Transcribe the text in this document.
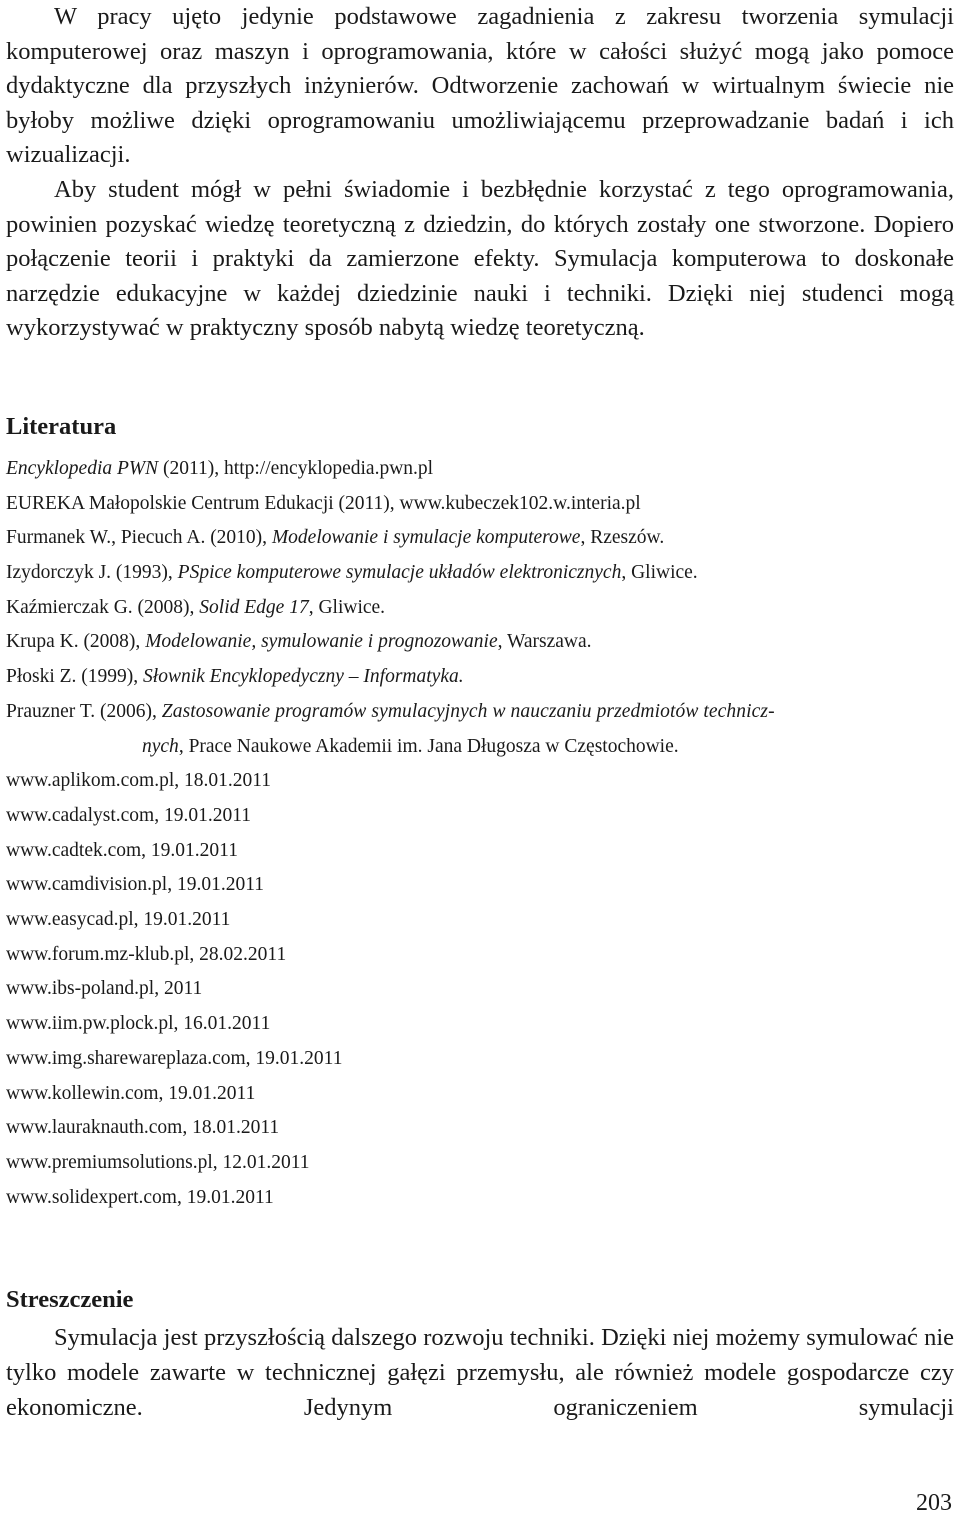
W pracy ujęto jedynie podstawowe zagadnienia z zakresu tworzenia symulacji komputerowej oraz maszyn i oprogramowania, które w całości służyć mogą jako pomoce dydaktyczne dla przyszłych inżynierów. Odtworzenie zachowań w wirtualnym świecie nie byłoby możliwe dzięki oprogramowaniu umożliwiającemu przeprowadzanie badań i ich wizualizacji.

Aby student mógł w pełni świadomie i bezbłędnie korzystać z tego oprogramowania, powinien pozyskać wiedzę teoretyczną z dziedzin, do których zostały one stworzone. Dopiero połączenie teorii i praktyki da zamierzone efekty. Symulacja komputerowa to doskonałe narzędzie edukacyjne w każdej dziedzinie nauki i techniki. Dzięki niej studenci mogą wykorzystywać w praktyczny sposób nabytą wiedzę teoretyczną.

Literatura

Encyklopedia PWN (2011), http://encyklopedia.pwn.pl

EUREKA Małopolskie Centrum Edukacji (2011), www.kubeczek102.w.interia.pl

Furmanek W., Piecuch A. (2010), Modelowanie i symulacje komputerowe, Rzeszów.

Izydorczyk J. (1993), PSpice komputerowe symulacje układów elektronicznych, Gliwice.

Kaźmierczak G. (2008), Solid Edge 17, Gliwice.

Krupa K. (2008), Modelowanie, symulowanie i prognozowanie, Warszawa.

Płoski Z. (1999), Słownik Encyklopedyczny – Informatyka.

Prauzner T. (2006), Zastosowanie programów symulacyjnych w nauczaniu przedmiotów technicz-

nych, Prace Naukowe Akademii im. Jana Długosza w Częstochowie.

www.aplikom.com.pl, 18.01.2011

www.cadalyst.com, 19.01.2011

www.cadtek.com, 19.01.2011

www.camdivision.pl, 19.01.2011

www.easycad.pl, 19.01.2011

www.forum.mz-klub.pl, 28.02.2011

www.ibs-poland.pl, 2011

www.iim.pw.plock.pl, 16.01.2011

www.img.sharewareplaza.com, 19.01.2011

www.kollewin.com, 19.01.2011

www.lauraknauth.com, 18.01.2011

www.premiumsolutions.pl, 12.01.2011

www.solidexpert.com, 19.01.2011

Streszczenie

Symulacja jest przyszłością dalszego rozwoju techniki. Dzięki niej możemy symulować nie tylko modele zawarte w technicznej gałęzi przemysłu, ale również modele gospodarcze czy ekonomiczne. Jedynym ograniczeniem symulacji

203
